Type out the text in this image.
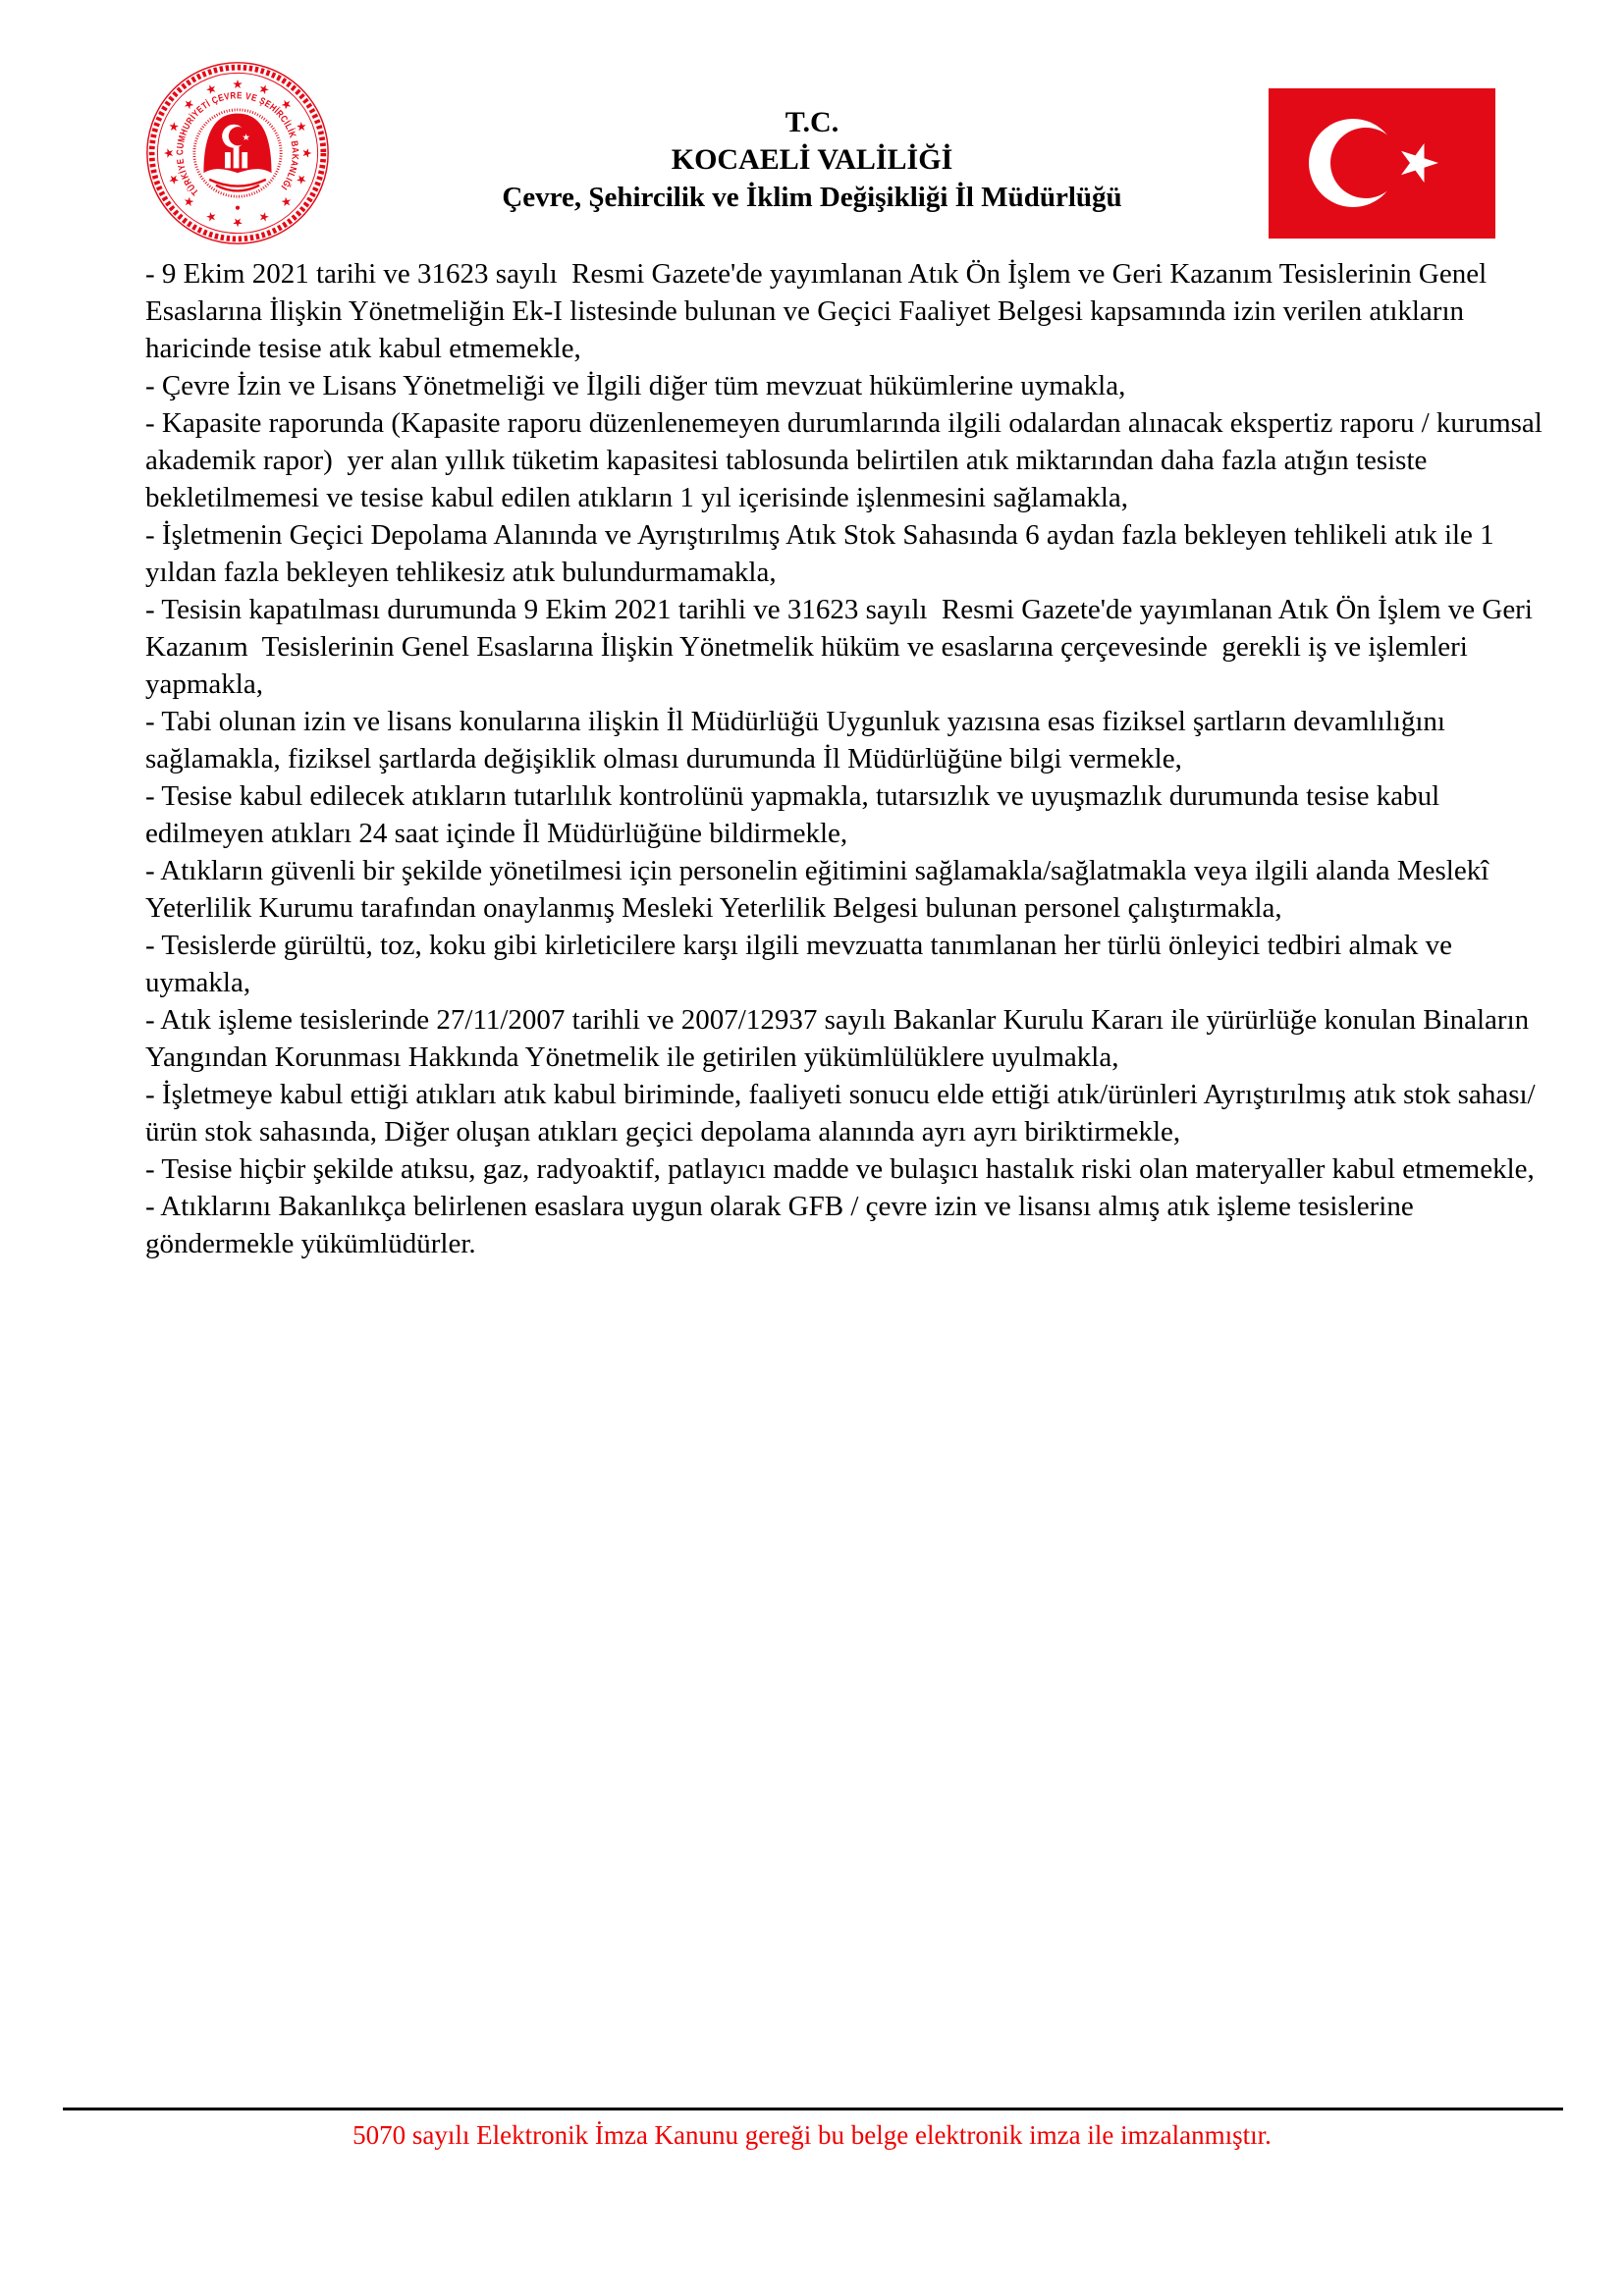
★ ★
★
★
★
★
★
★
★
★
★
★
★
★
★
★
TÜRKİYE CUMHURİYETİ ÇEVRE VE ŞEHİRCİLİK BAKANLIĞI
★	T.C.
KOCAELİ VALİLİĞİ
Çevre, Şehircilik ve İklim Değişikliği İl Müdürlüğü

- 9 Ekim 2021 tarihi ve 31623 sayılı  Resmi Gazete'de yayımlanan Atık Ön İşlem ve Geri Kazanım Tesislerinin Genel Esaslarına İlişkin Yönetmeliğin Ek-I listesinde bulunan ve Geçici Faaliyet Belgesi kapsamında izin verilen atıkların haricinde tesise atık kabul etmemekle,

- Çevre İzin ve Lisans Yönetmeliği ve İlgili diğer tüm mevzuat hükümlerine uymakla,

- Kapasite raporunda (Kapasite raporu düzenlenemeyen durumlarında ilgili odalardan alınacak ekspertiz raporu / kurumsal akademik rapor)  yer alan yıllık tüketim kapasitesi tablosunda belirtilen atık miktarından daha fazla atığın tesiste bekletilmemesi ve tesise kabul edilen atıkların 1 yıl içerisinde işlenmesini sağlamakla,

- İşletmenin Geçici Depolama Alanında ve Ayrıştırılmış Atık Stok Sahasında 6 aydan fazla bekleyen tehlikeli atık ile 1 yıldan fazla bekleyen tehlikesiz atık bulundurmamakla,

- Tesisin kapatılması durumunda 9 Ekim 2021 tarihli ve 31623 sayılı  Resmi Gazete'de yayımlanan Atık Ön İşlem ve Geri Kazanım  Tesislerinin Genel Esaslarına İlişkin Yönetmelik hüküm ve esaslarına çerçevesinde  gerekli iş ve işlemleri yapmakla,

- Tabi olunan izin ve lisans konularına ilişkin İl Müdürlüğü Uygunluk yazısına esas fiziksel şartların devamlılığını sağlamakla, fiziksel şartlarda değişiklik olması durumunda İl Müdürlüğüne bilgi vermekle,

- Tesise kabul edilecek atıkların tutarlılık kontrolünü yapmakla, tutarsızlık ve uyuşmazlık durumunda tesise kabul edilmeyen atıkları 24 saat içinde İl Müdürlüğüne bildirmekle,

- Atıkların güvenli bir şekilde yönetilmesi için personelin eğitimini sağlamakla/sağlatmakla veya ilgili alanda Meslekî Yeterlilik Kurumu tarafından onaylanmış Mesleki Yeterlilik Belgesi bulunan personel çalıştırmakla,

- Tesislerde gürültü, toz, koku gibi kirleticilere karşı ilgili mevzuatta tanımlanan her türlü önleyici tedbiri almak ve uymakla,

- Atık işleme tesislerinde 27/11/2007 tarihli ve 2007/12937 sayılı Bakanlar Kurulu Kararı ile yürürlüğe konulan Binaların Yangından Korunması Hakkında Yönetmelik ile getirilen yükümlülüklere uyulmakla,

- İşletmeye kabul ettiği atıkları atık kabul biriminde, faaliyeti sonucu elde ettiği atık/ürünleri Ayrıştırılmış atık stok sahası/ürün stok sahasında, Diğer oluşan atıkları geçici depolama alanında ayrı ayrı biriktirmekle,

- Tesise hiçbir şekilde atıksu, gaz, radyoaktif, patlayıcı madde ve bulaşıcı hastalık riski olan materyaller kabul etmemekle,

- Atıklarını Bakanlıkça belirlenen esaslara uygun olarak GFB / çevre izin ve lisansı almış atık işleme tesislerine göndermekle yükümlüdürler.

5070 sayılı Elektronik İmza Kanunu gereği bu belge elektronik imza ile imzalanmıştır.
